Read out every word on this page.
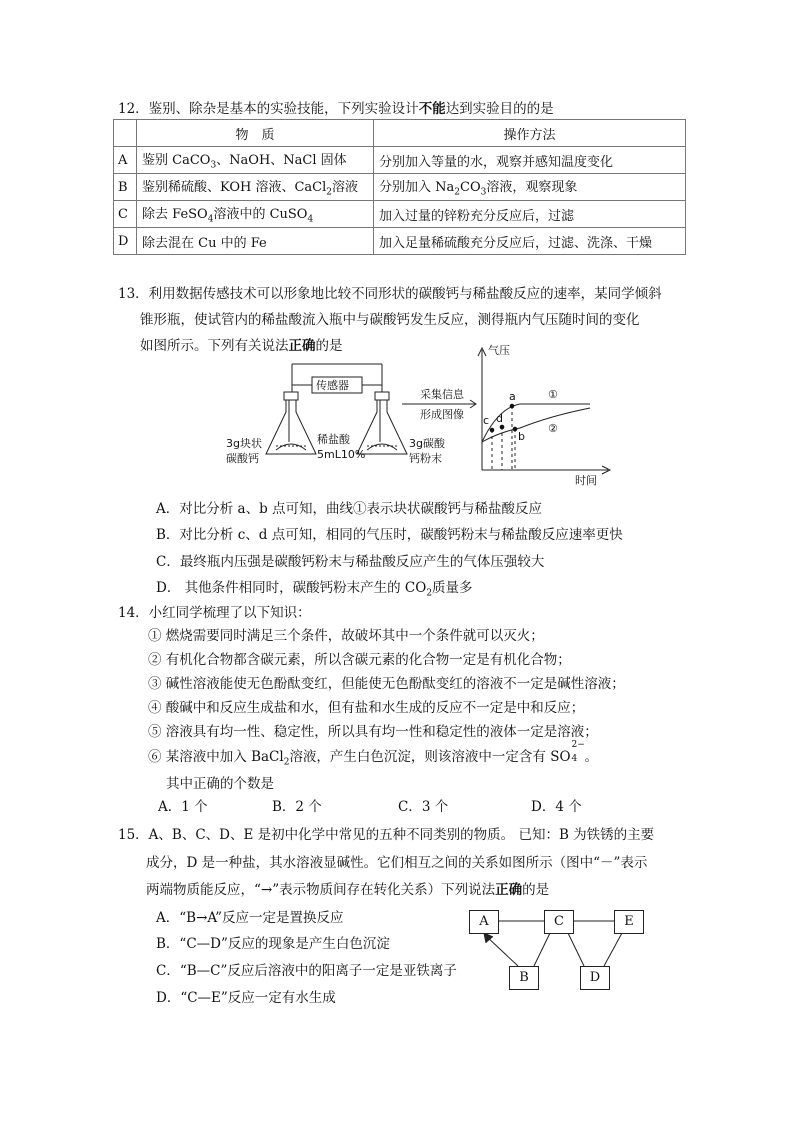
12．鉴别、除杂是基本的实验技能，下列实验设计不能达到实验目的的是
	物　质	操作方法
A	鉴别 CaCO$_3$、NaOH、NaCl 固体	分别加入等量的水，观察并感知温度变化
B	鉴别稀硫酸、KOH 溶液、CaCl$_2$溶液	分别加入 $Na_2CO_3$溶液，观察现象
C	除去 FeSO$_4$溶液中的 CuSO$_4$	加入过量的锌粉充分反应后，过滤
D	除去混在 Cu 中的 Fe	加入足量稀硫酸充分反应后，过滤、洗涤、干燥
13．利用数据传感技术可以形象地比较不同形状的碳酸钙与稀盐酸反应的速率，某同学倾斜
锥形瓶，使试管内的稀盐酸流入瓶中与碳酸钙发生反应，测得瓶内气压随时间的变化
如图所示。下列有关说法正确的是
传感器
3g块状
碳酸钙
稀盐酸
5mL10%
3g碳酸
钙粉末
采集信息
形成图像
气压
时间
a
b
c d
①
②
A．对比分析 a、b 点可知，曲线①表示块状碳酸钙与稀盐酸反应
B．对比分析 c、d 点可知，相同的气压时，碳酸钙粉末与稀盐酸反应速率更快
C．最终瓶内压强是碳酸钙粉末与稀盐酸反应产生的气体压强较大
D． 其他条件相同时，碳酸钙粉末产生的 $CO_2$质量多
14．小红同学梳理了以下知识：
① 燃烧需要同时满足三个条件，故破坏其中一个条件就可以灭火；
② 有机化合物都含碳元素，所以含碳元素的化合物一定是有机化合物；
③ 碱性溶液能使无色酚酞变红，但能使无色酚酞变红的溶液不一定是碱性溶液；
④ 酸碱中和反应生成盐和水，但有盐和水生成的反应不一定是中和反应；
⑤ 溶液具有均一性、稳定性，所以具有均一性和稳定性的液体一定是溶液；
⑥ 某溶液中加入 BaCl$_2$溶液，产生白色沉淀，则该溶液中一定含有 SO
2−
4 。
其中正确的个数是
A．1 个	B．2 个	C．3 个	D．4 个
15．A、B、C、D、E 是初中化学中常见的五种不同类别的物质。 已知：B 为铁锈的主要
成分，D 是一种盐，其水溶液显碱性。它们相互之间的关系如图所示（图中“－”表示
两端物质能反应，“→”表示物质间存在转化关系）下列说法正确的是
A．“B→A”反应一定是置换反应
B．“C—D”反应的现象是产生白色沉淀
C．“B—C”反应后溶液中的阳离子一定是亚铁离子
D．“C—E”反应一定有水生成
A	C	E
B	D
